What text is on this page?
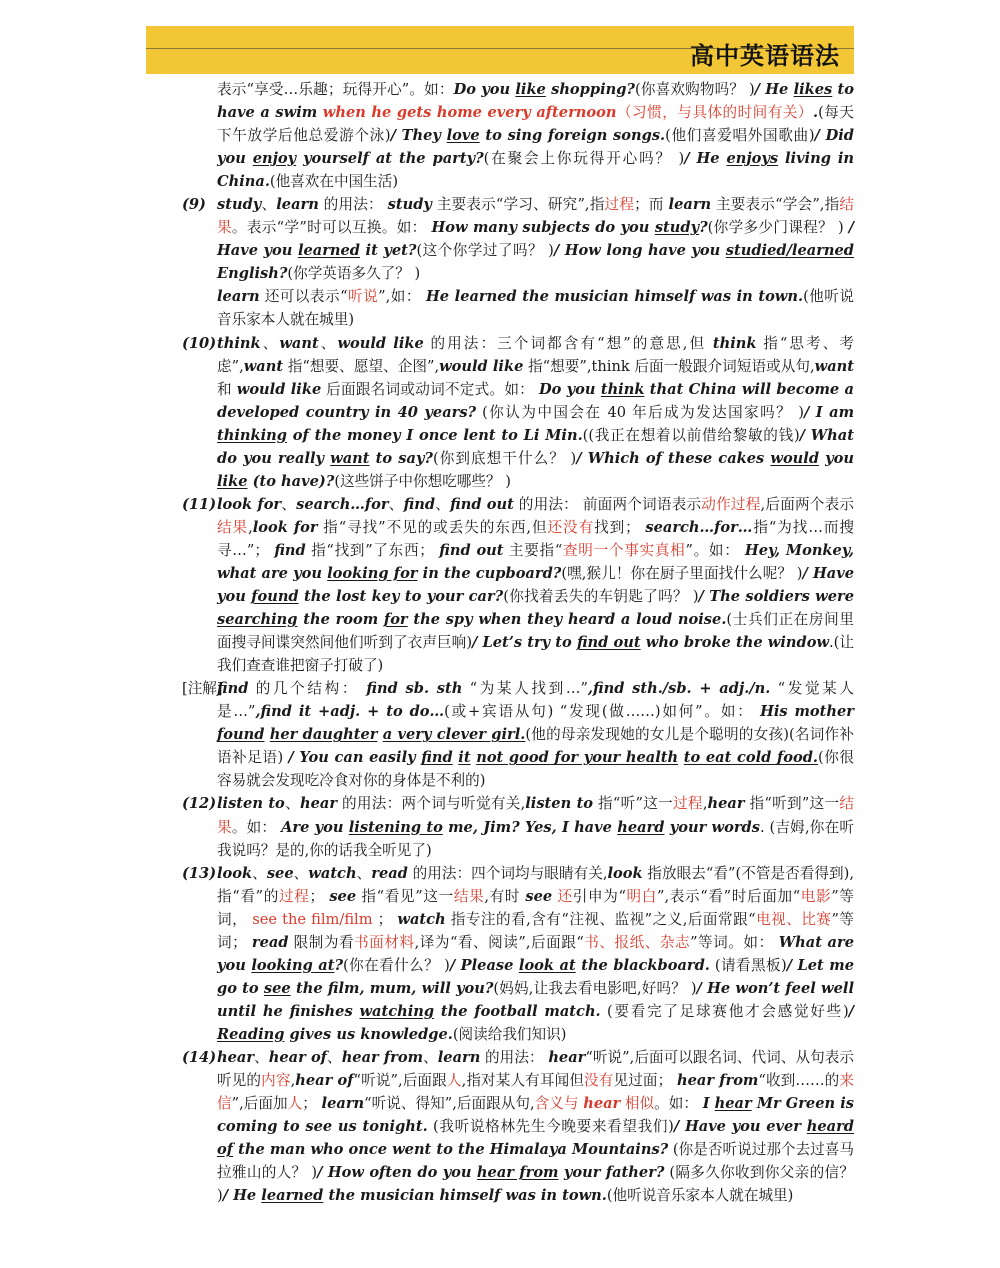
高中英语语法
表示“享受…乐趣；玩得开心”。如：Do you like shopping?(你喜欢购物吗？ )/ He likes to have a swim when he gets home every afternoon（习惯，与具体的时间有关）.(每天下午放学后他总爱游个泳)/ They love to sing foreign songs.(他们喜爱唱外国歌曲)/ Did you enjoy yourself at the party?(在聚会上你玩得开心吗？ )/ He enjoys living in China.(他喜欢在中国生活)
(9) study、learn 的用法： study 主要表示“学习、研究”,指过程；而 learn 主要表示“学会”,指结果。表示“学”时可以互换。如： How many subjects do you study?(你学多少门课程？ ) / Have you learned it yet?(这个你学过了吗？ )/ How long have you studied/learned English?(你学英语多久了？ )
learn 还可以表示“听说”,如： He learned the musician himself was in town.(他听说音乐家本人就在城里)
(10) think、want、would like 的用法：三个词都含有“想”的意思,但 think 指“思考、考虑”,want 指“想要、愿望、企图”,would like 指“想要”,think 后面一般跟介词短语或从句,want 和 would like 后面跟名词或动词不定式。如： Do you think that China will become a developed country in 40 years? (你认为中国会在 40 年后成为发达国家吗？ )/ I am thinking of the money I once lent to Li Min.((我正在想着以前借给黎敏的钱)/ What do you really want to say?(你到底想干什么？ )/ Which of these cakes would you like (to have)?(这些饼子中你想吃哪些？ )
(11) look for、search…for、find、find out 的用法： 前面两个词语表示动作过程,后面两个表示结果,look for 指“寻找”不见的或丢失的东西,但还没有找到； search…for…指“为找…而搜寻…”； find 指“找到”了东西； find out 主要指“查明一个事实真相”。如： Hey, Monkey, what are you looking for in the cupboard?(嘿,猴儿！你在厨子里面找什么呢？ )/ Have you found the lost key to your car?(你找着丢失的车钥匙了吗？ )/ The soldiers were searching the room for the spy when they heard a loud noise.(士兵们正在房间里面搜寻间谍突然间他们听到了衣声巨响)/ Let’s try to find out who broke the window.(让我们查查谁把窗子打破了)
[注解]
find 的几个结构： find sb. sth “为某人找到…”,find sth./sb. + adj./n. “发觉某人是…”,find it +adj. + to do…(或+宾语从句) “发现(做……)如何”。如： His mother found her daughter a very clever girl.(他的母亲发现她的女儿是个聪明的女孩)(名词作补语补足语) / You can easily find it not good for your health to eat cold food.(你很容易就会发现吃冷食对你的身体是不利的)
(12) listen to、hear 的用法：两个词与听觉有关,listen to 指“听”这一过程,hear 指“听到”这一结果。如： Are you listening to me, Jim? Yes, I have heard your words. (吉姆,你在听我说吗？是的,你的话我全听见了)
(13) look、see、watch、read 的用法：四个词均与眼睛有关,look 指放眼去“看”(不管是否看得到),指“看”的过程； see 指“看见”这一结果,有时 see 还引申为“明白”,表示“看”时后面加“电影”等词， see the film/film ； watch 指专注的看,含有“注视、监视”之义,后面常跟“电视、比赛”等词； read 限制为看书面材料,译为“看、阅读”,后面跟“书、报纸、杂志”等词。如： What are you looking at?(你在看什么？ )/ Please look at the blackboard. (请看黑板)/ Let me go to see the film, mum, will you?(妈妈,让我去看电影吧,好吗？ )/ He won’t feel well until he finishes watching the football match. (要看完了足球赛他才会感觉好些)/ Reading gives us knowledge.(阅读给我们知识)
(14) hear、hear of、hear from、learn 的用法： hear“听说”,后面可以跟名词、代词、从句表示听见的内容,hear of“听说”,后面跟人,指对某人有耳闻但没有见过面； hear from“收到……的来信”,后面加人； learn“听说、得知”,后面跟从句,含义与 hear 相似。如： I hear Mr Green is coming to see us tonight. (我听说格林先生今晚要来看望我们)/ Have you ever heard of the man who once went to the Himalaya Mountains? (你是否听说过那个去过喜马拉雅山的人？ )/ How often do you hear from your father? (隔多久你收到你父亲的信？ )/ He learned the musician himself was in town.(他听说音乐家本人就在城里)
